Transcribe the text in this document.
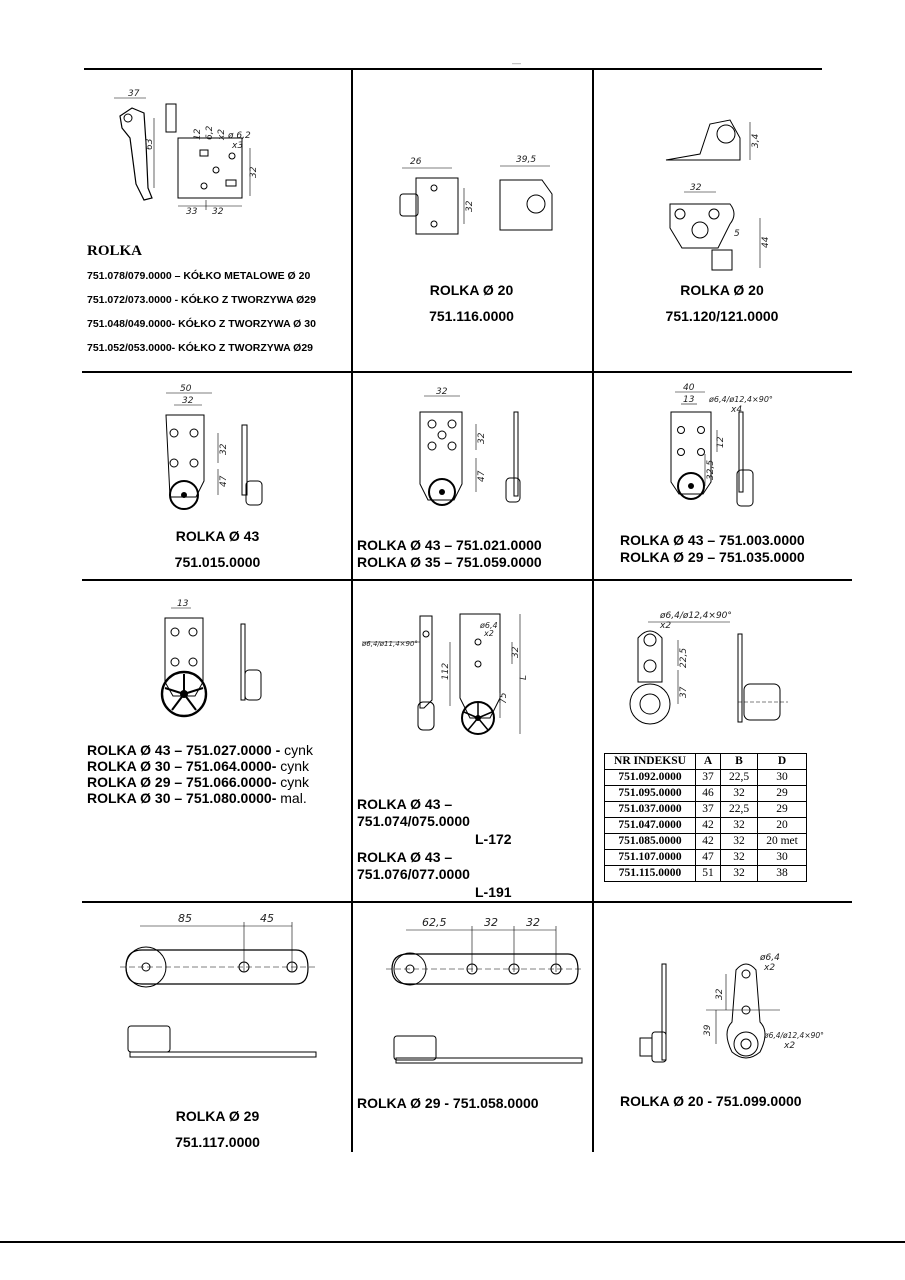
—
37
63
12 6,2 x2 ø 6,2
x3
32
33 32
ROLKA
751.078/079.0000 – KÓŁKO METALOWE Ø 20
751.072/073.0000 - KÓŁKO Z TWORZYWA Ø29
751.048/049.0000- KÓŁKO Z TWORZYWA Ø 30
751.052/053.0000- KÓŁKO Z TWORZYWA Ø29
26	39,5
32
ROLKA Ø 20
751.116.0000
3,4
32
5
44
ROLKA Ø 20
751.120/121.0000
50
32
32
47
ROLKA Ø 43
751.015.0000
32
32
47
ROLKA Ø 43 – 751.021.0000
ROLKA Ø 35 – 751.059.0000
40
13 ø6,4/ø12,4×90°
x4
12
32,5
ROLKA Ø 43 – 751.003.0000
ROLKA Ø 29 – 751.035.0000
13
ROLKA Ø 43 – 751.027.0000 - cynk
ROLKA Ø 30 – 751.064.0000- cynk
ROLKA Ø 29 – 751.066.0000- cynk
ROLKA Ø 30 – 751.080.0000- mal.
ø6,4/ø11,4×90°
ø6,4
x2
32
112	L
75
ROLKA Ø 43 –
751.074/075.0000
L-172
ROLKA Ø 43 –
751.076/077.0000
L-191
ø6,4/ø12,4×90°
x2
22,5
37
NR INDEKSU	A	B	D
751.092.0000	37	22,5	30
751.095.0000	46	32	29
751.037.0000	37	22,5	29
751.047.0000	42	32	20
751.085.0000	42	32	20 met
751.107.0000	47	32	30
751.115.0000	51	32	38
85	45
ROLKA Ø 29
751.117.0000
62,5	32	32
ROLKA Ø 29 - 751.058.0000
ø6,4
x2
32
39	ø6,4/ø12,4×90°
x2
ROLKA Ø 20 - 751.099.0000
